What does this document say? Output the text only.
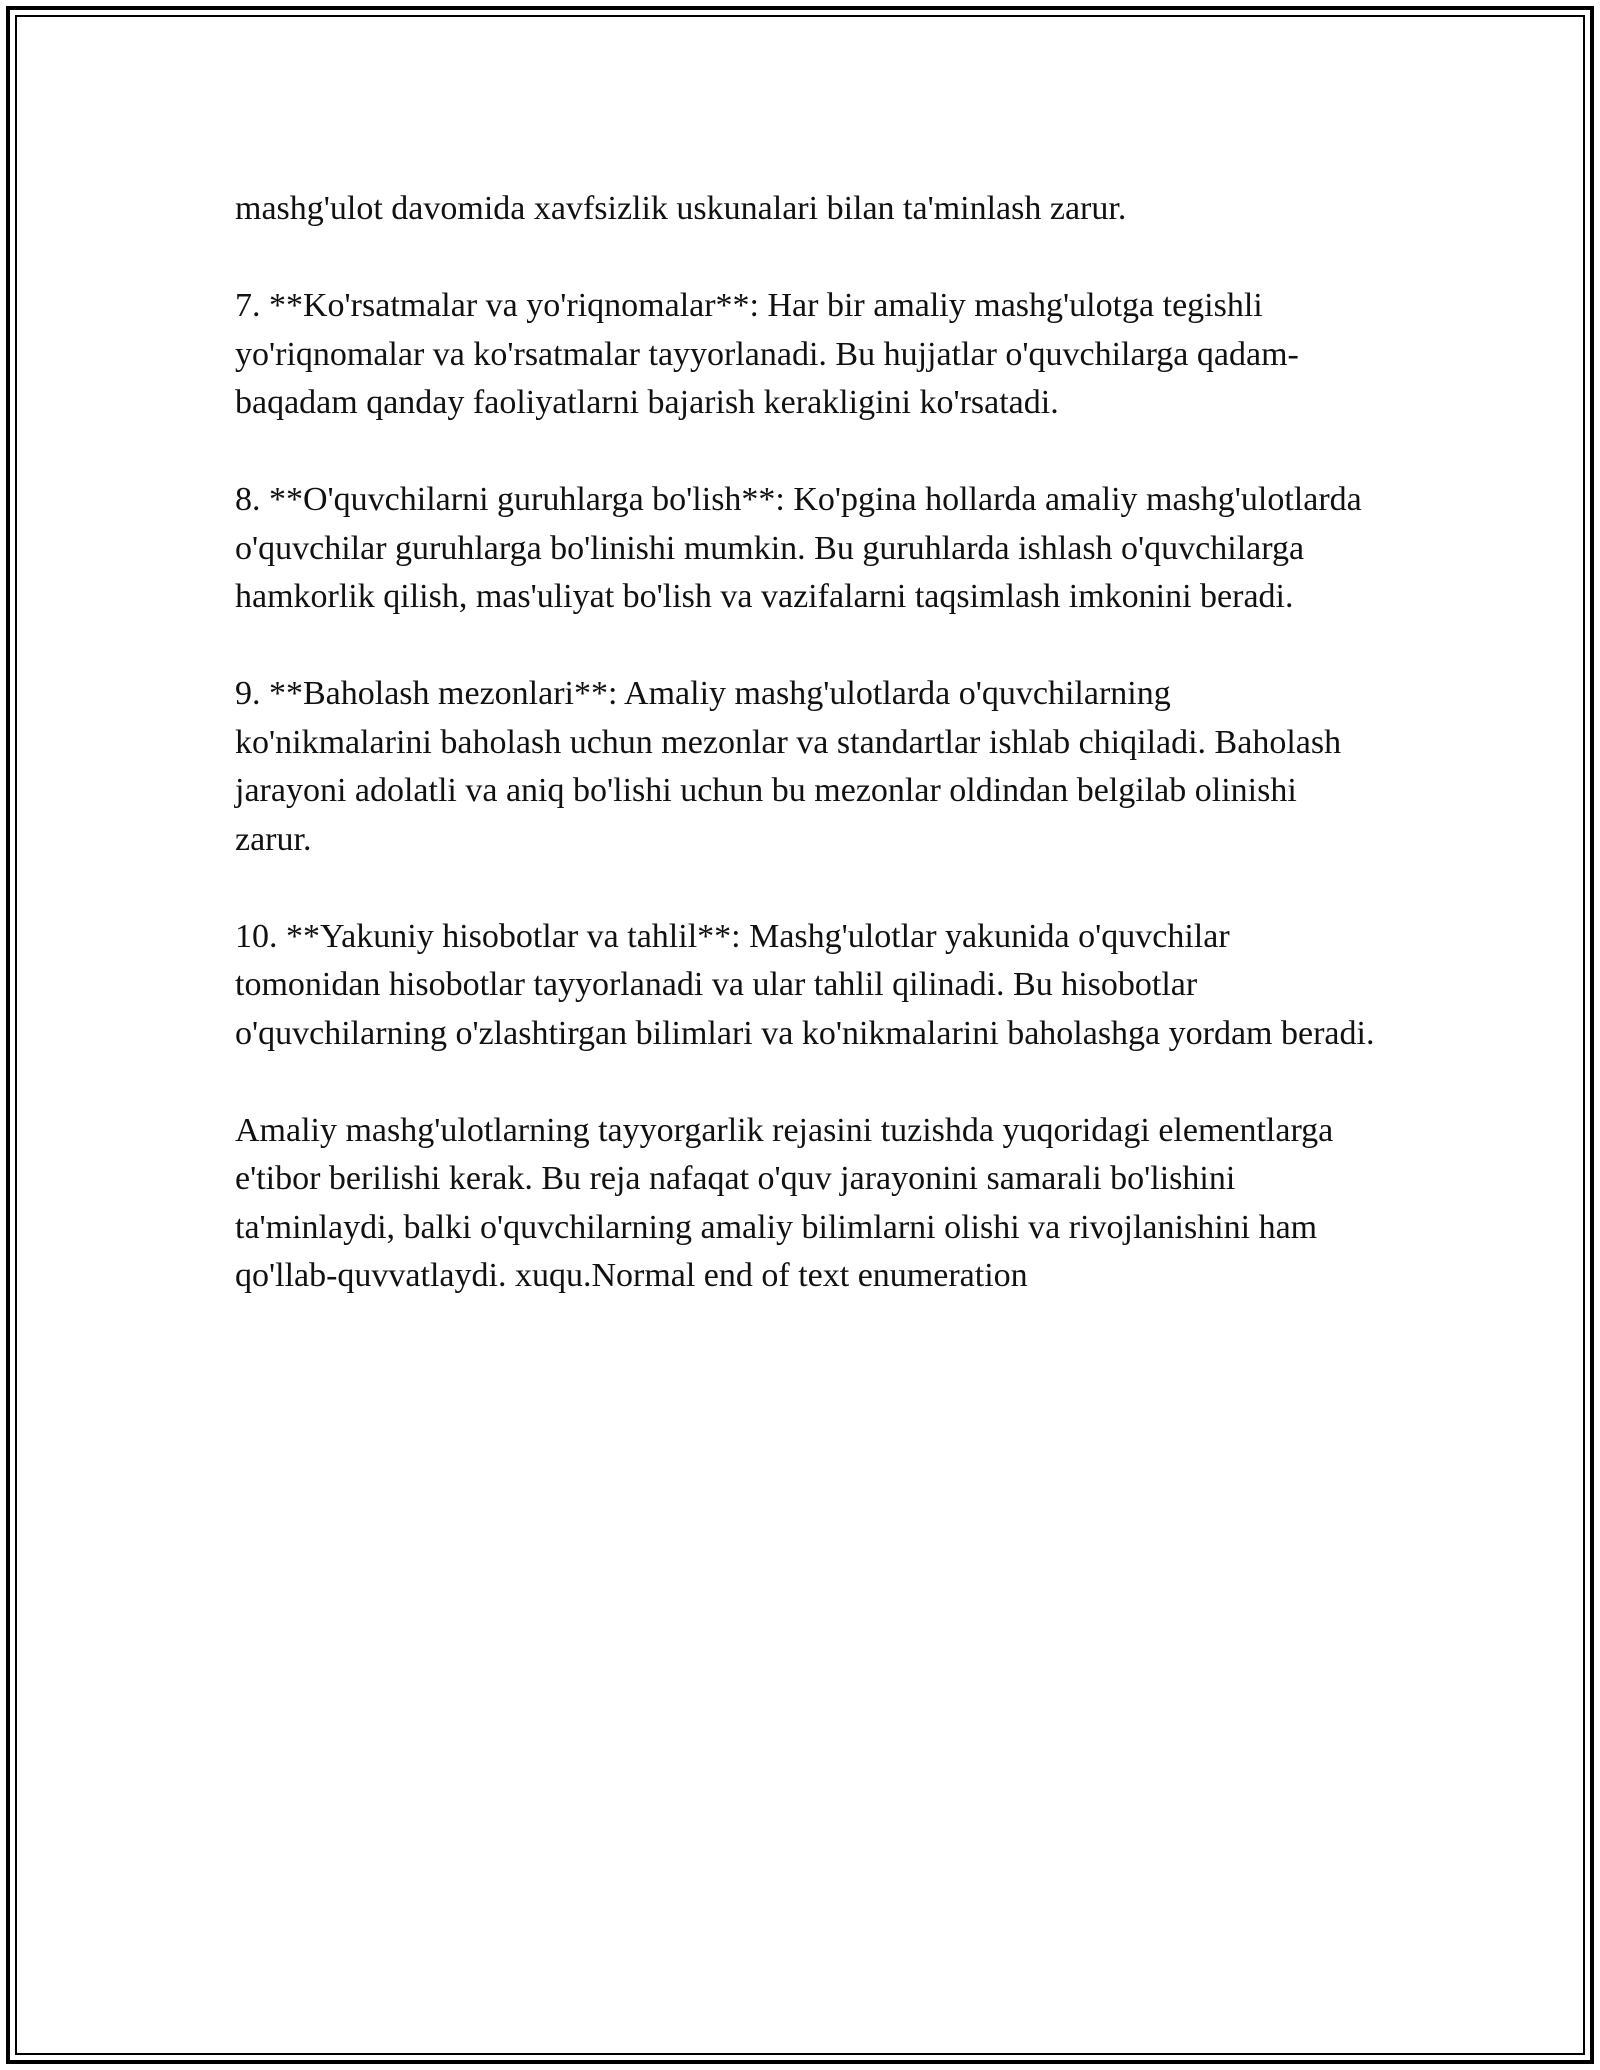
mashg'ulot davomida xavfsizlik uskunalari bilan ta'minlash zarur.

7. **Ko'rsatmalar va yo'riqnomalar**: Har bir amaliy mashg'ulotga tegishli yo'riqnomalar va ko'rsatmalar tayyorlanadi. Bu hujjatlar o'quvchilarga qadam-baqadam qanday faoliyatlarni bajarish kerakligini ko'rsatadi.

8. **O'quvchilarni guruhlarga bo'lish**: Ko'pgina hollarda amaliy mashg'ulotlarda o'quvchilar guruhlarga bo'linishi mumkin. Bu guruhlarda ishlash o'quvchilarga hamkorlik qilish, mas'uliyat bo'lish va vazifalarni taqsimlash imkonini beradi.

9. **Baholash mezonlari**: Amaliy mashg'ulotlarda o'quvchilarning ko'nikmalarini baholash uchun mezonlar va standartlar ishlab chiqiladi. Baholash jarayoni adolatli va aniq bo'lishi uchun bu mezonlar oldindan belgilab olinishi zarur.

10. **Yakuniy hisobotlar va tahlil**: Mashg'ulotlar yakunida o'quvchilar tomonidan hisobotlar tayyorlanadi va ular tahlil qilinadi. Bu hisobotlar o'quvchilarning o'zlashtirgan bilimlari va ko'nikmalarini baholashga yordam beradi.

Amaliy mashg'ulotlarning tayyorgarlik rejasini tuzishda yuqoridagi elementlarga e'tibor berilishi kerak. Bu reja nafaqat o'quv jarayonini samarali bo'lishini ta'minlaydi, balki o'quvchilarning amaliy bilimlarni olishi va rivojlanishini ham qo'llab-quvvatlaydi. xuqu.Normal end of text enumeration
